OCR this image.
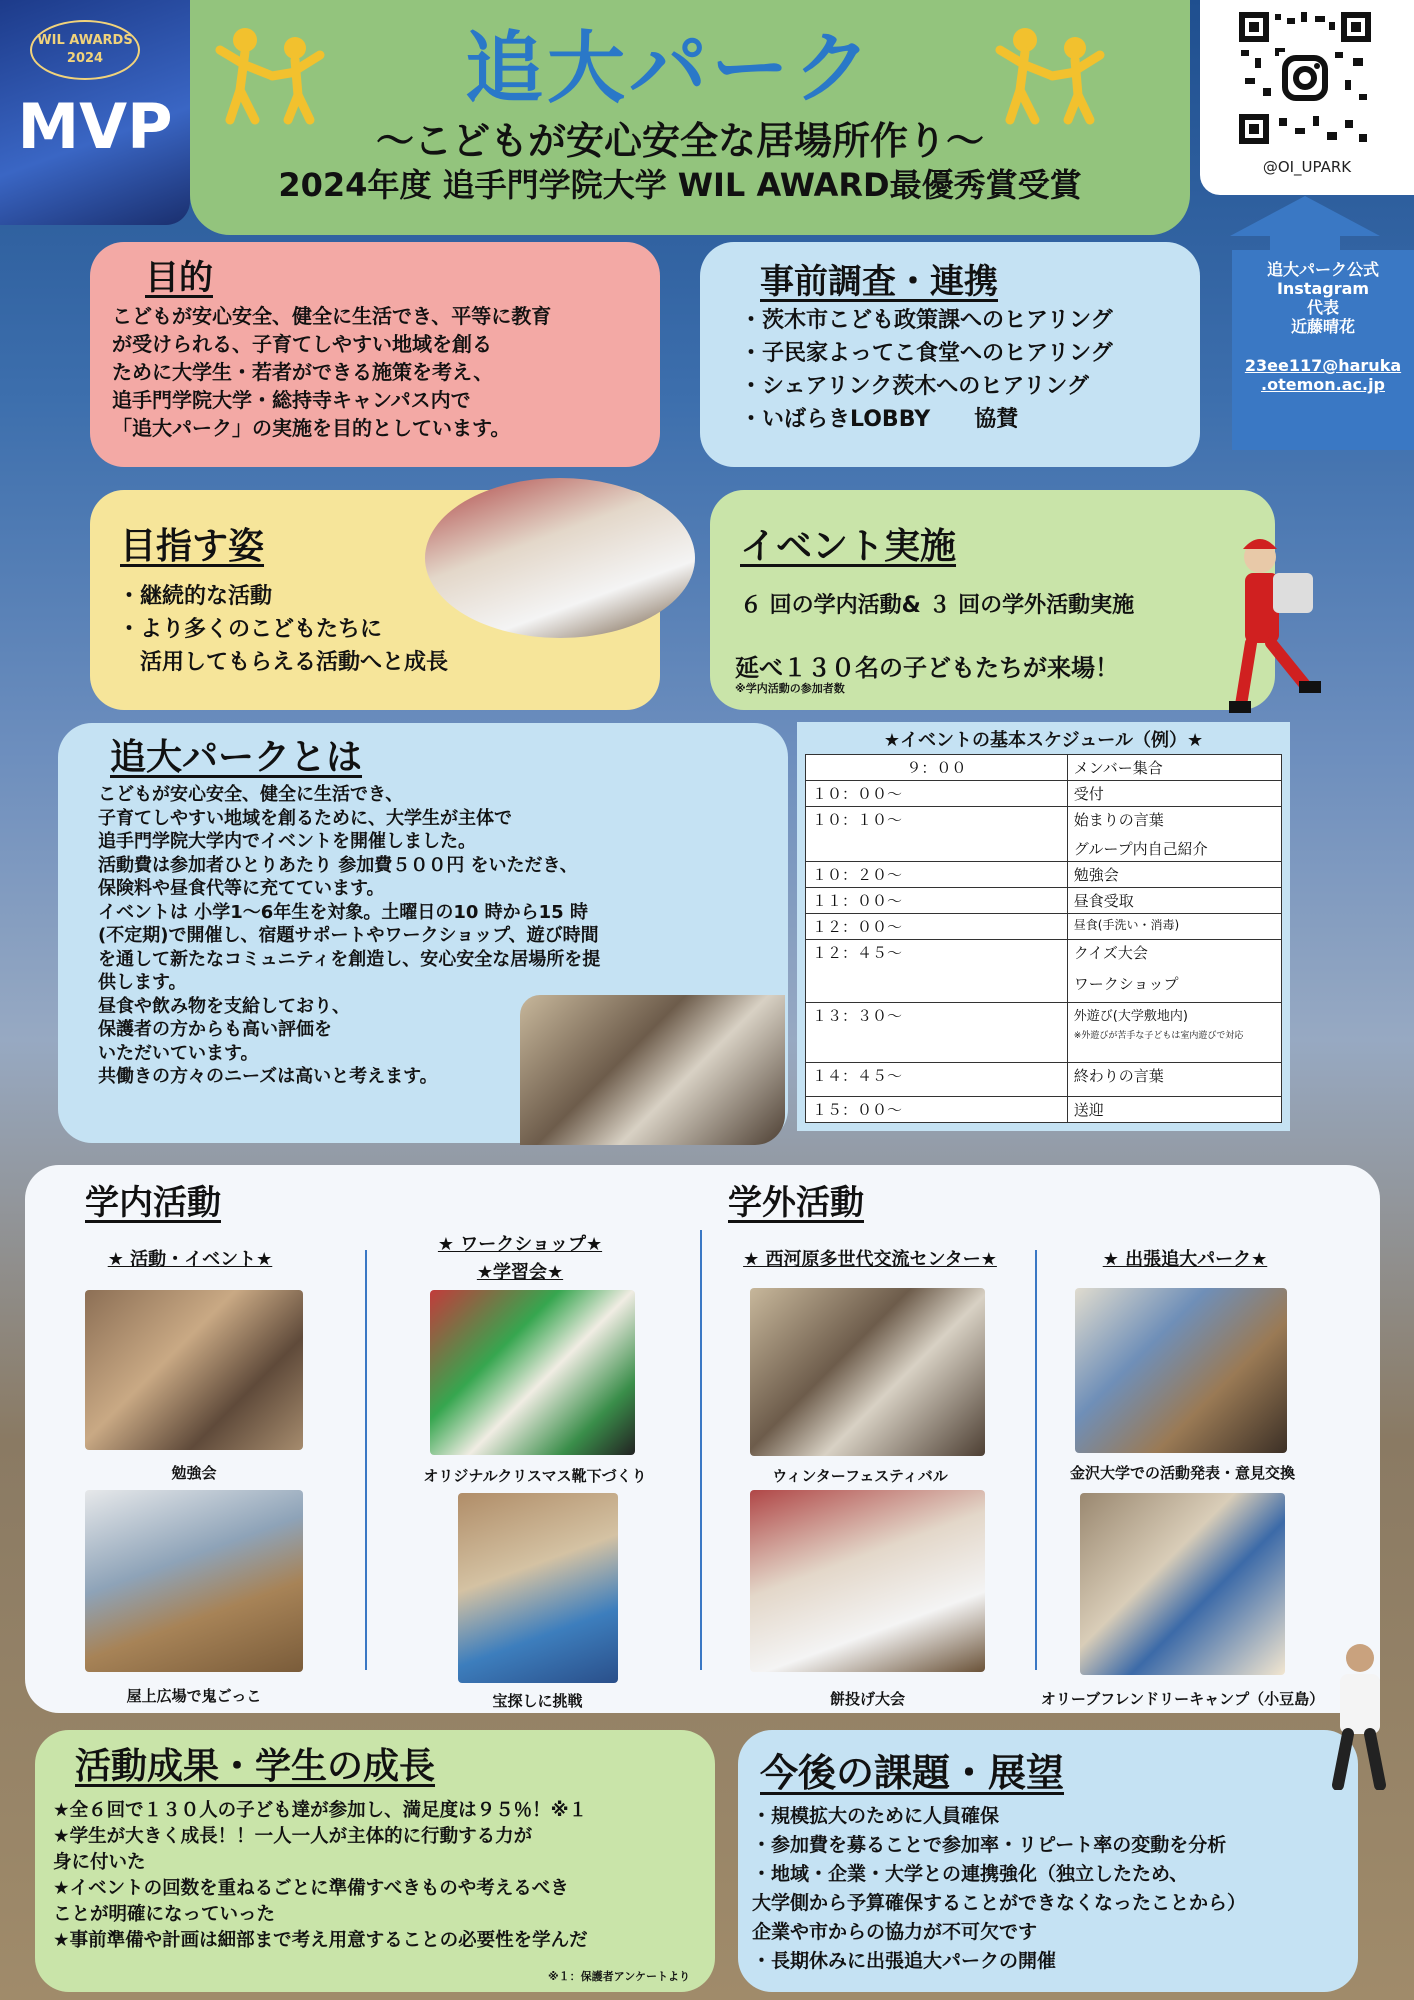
WIL AWARDS 2024
MVP
追大パーク
～こどもが安心安全な居場所作り～
2024年度 追手門学院大学 WIL AWARD最優秀賞受賞	@OI_UPARK
追大パーク公式
Instagram
代表
近藤晴花
23ee117@haruka
.otemon.ac.jp
目的
こどもが安心安全、健全に生活でき、平等に教育
が受けられる、子育てしやすい地域を創る
ために大学生・若者ができる施策を考え、
追手門学院大学・総持寺キャンパス内で
「追大パーク」の実施を目的としています。
事前調査・連携
・茨木市こども政策課へのヒアリング
・子民家よってこ食堂へのヒアリング
・シェアリンク茨木へのヒアリング
・いばらきLOBBY　　協賛
目指す姿
・継続的な活動
・より多くのこどもたちに
　活用してもらえる活動へと成長
イベント実施
６ 回の学内活動& ３ 回の学外活動実施
延べ１３０名の子どもたちが来場！
※学内活動の参加者数
追大パークとは
こどもが安心安全、健全に生活でき、
子育てしやすい地域を創るために、大学生が主体で
追手門学院大学内でイベントを開催しました。
活動費は参加者ひとりあたり 参加費５００円 をいただき、
保険料や昼食代等に充てています。
イベントは 小学1～6年生を対象。土曜日の10 時から15 時
(不定期)で開催し、宿題サポートやワークショップ、遊び時間
を通して新たなコミュニティを創造し、安心安全な居場所を提
供します。
昼食や飲み物を支給しており、
保護者の方からも高い評価を
いただいています。
共働きの方々のニーズは高いと考えます。
★イベントの基本スケジュール（例）★
９：００	メンバー集合
１０：００～	受付
１０：１０～	始まりの言葉
グループ内自己紹介

１０：２０～	勉強会
１１：００～	昼食受取
１２：００～	昼食(手洗い・消毒)
１２：４５～	クイズ大会
ワークショップ

１３：３０～	外遊び(大学敷地内)
※外遊びが苦手な子どもは室内遊びで対応

１４：４５～	終わりの言葉
１５：００～	送迎
学内活動	学外活動
★ 活動・イベント★
★ ワークショップ★
★学習会★
★ 西河原多世代交流センター★	★ 出張追大パーク★
勉強会
屋上広場で鬼ごっこ
オリジナルクリスマス靴下づくり
宝探しに挑戦
ウィンターフェスティバル
餅投げ大会
金沢大学での活動発表・意見交換
オリーブフレンドリーキャンプ（小豆島）
活動成果・学生の成長
★全６回で１３０人の子ども達が参加し、満足度は９５％！※１
★学生が大きく成長！！一人一人が主体的に行動する力が
身に付いた
★イベントの回数を重ねるごとに準備すべきものや考えるべき
ことが明確になっていった
★事前準備や計画は細部まで考え用意することの必要性を学んだ
※１：保護者アンケートより
今後の課題・展望
・規模拡大のために人員確保
・参加費を募ることで参加率・リピート率の変動を分析
・地域・企業・大学との連携強化（独立したため、
大学側から予算確保することができなくなったことから）
企業や市からの協力が不可欠です
・長期休みに出張追大パークの開催
